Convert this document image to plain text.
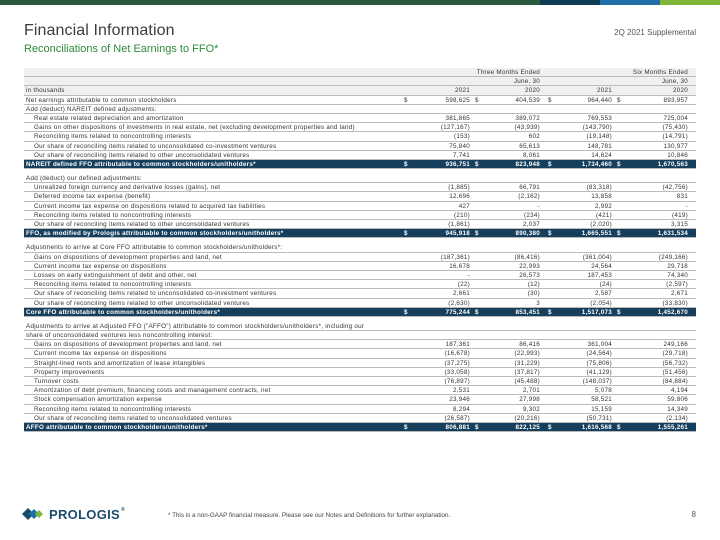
Financial Information
Reconciliations of Net Earnings to FFO*
2Q 2021 Supplemental
Three Months Ended	Six Months Ended
June, 30	June, 30
in thousands	2021	2020	2021	2020
Net earnings attributable to common stockholders	$	598,625 $	404,539 $	964,440 $	893,957
Add (deduct) NAREIT defined adjustments:
Real estate related depreciation and amortization	381,865	389,072	769,553	725,004
Gains on other dispositions of investments in real estate, net (excluding development properties and land)	(127,167)	(43,939)	(143,790)	(75,430)
Reconciling items related to noncontrolling interests	(153)	602	(19,148)	(14,791)
Our share of reconciling items related to unconsolidated co-investment ventures	75,840	65,613	148,781	130,977
Our share of reconciling items related to other unconsolidated ventures	7,741	8,061	14,624	10,846
NAREIT defined FFO attributable to common stockholders/unitholders*	$	936,751 $	823,948 $	1,734,460 $	1,670,563
Add (deduct) our defined adjustments:
Unrealized foreign currency and derivative losses (gains), net	(1,885)	66,791	(83,318)	(42,756)
Deferred income tax expense (benefit)	12,696	(2,162)	13,858	831
Current income tax expense on dispositions related to acquired tax liabilities	427	-	2,992	-
Reconciling items related to noncontrolling interests	(210)	(234)	(421)	(419)
Our share of reconciling items related to other unconsolidated ventures	(1,861)	2,037	(2,020)	3,315
FFO, as modified by Prologis attributable to common stockholders/unitholders*	$	945,918 $	890,380 $	1,665,551 $	1,631,534
Adjustments to arrive at Core FFO attributable to common stockholders/unitholders*:
Gains on dispositions of development properties and land, net	(187,361)	(86,416)	(361,004)	(249,166)
Current income tax expense on dispositions	16,678	22,993	24,564	29,718
Losses on early extinguishment of debt and other, net	-	26,573	187,453	74,340
Reconciling items related to noncontrolling interests	(22)	(12)	(24)	(2,597)
Our share of reconciling items related to unconsolidated co-investment ventures	2,661	(30)	2,587	2,671
Our share of reconciling items related to other unconsolidated ventures	(2,630)	3	(2,054)	(33,830)
Core FFO attributable to common stockholders/unitholders*	$	775,244 $	853,451 $	1,517,073 $	1,452,670
Adjustments to arrive at Adjusted FFO ("AFFO") attributable to common stockholders/unitholders*, including our
share of unconsolidated ventures less noncontrolling interest:
Gains on dispositions of development properties and land, net	187,361	86,416	361,004	249,166
Current income tax expense on dispositions	(16,678)	(22,993)	(24,564)	(29,718)
Straight-lined rents and amortization of lease intangibles	(37,275)	(31,229)	(75,806)	(56,732)
Property improvements	(33,058)	(37,817)	(41,129)	(51,456)
Turnover costs	(76,897)	(45,488)	(148,037)	(84,884)
Amortization of debt premium, financing costs and management contracts, net	2,531	2,701	5,078	4,194
Stock compensation amortization expense	23,946	27,998	58,521	59,806
Reconciling items related to noncontrolling interests	8,294	9,302	15,159	14,349
Our share of reconciling items related to unconsolidated ventures	(26,587)	(20,216)	(50,731)	(2,134)
AFFO attributable to common stockholders/unitholders*	$	806,881 $	822,125 $	1,616,568 $	1,555,261
PROLOGIS®
* This is a non-GAAP financial measure. Please see our Notes and Definitions for further explanation.	8
